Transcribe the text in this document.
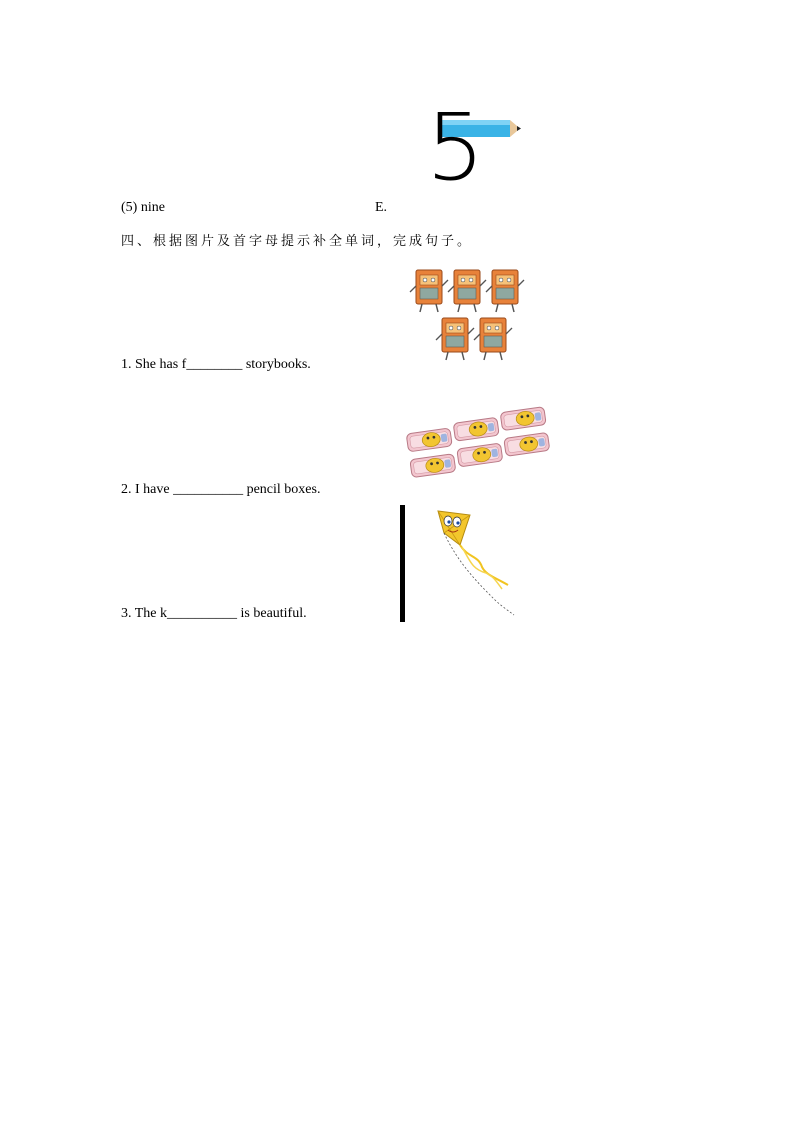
(5) nine	E.
5
四、根据图片及首字母提示补全单词，完成句子。
1. She has f________ storybooks.
2. I have __________ pencil boxes.
3. The k__________ is beautiful.
